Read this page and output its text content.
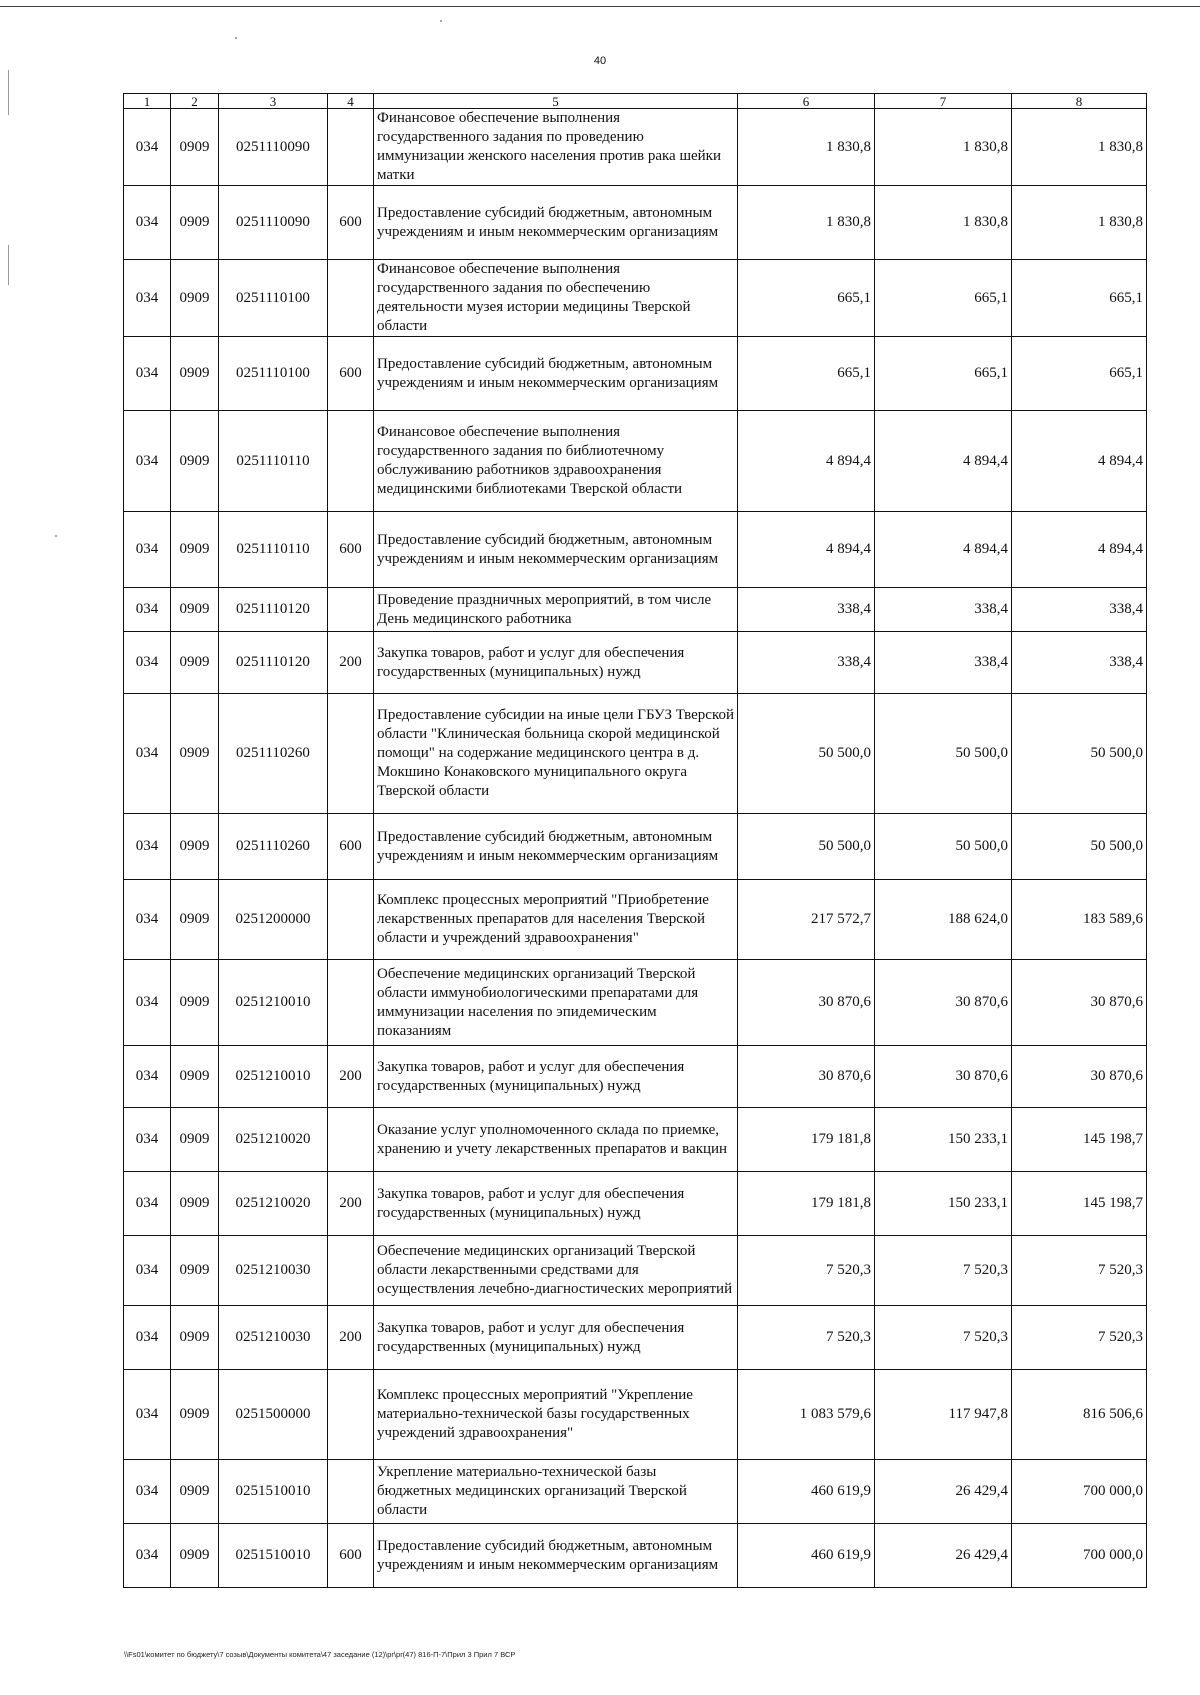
40
1	2	3	4	5	6	7	8
034	0909	0251110090		Финансовое обеспечение выполнения государственного задания по проведению иммунизации женского населения против рака шейки матки	1 830,8	1 830,8	1 830,8
034	0909	0251110090	600	Предоставление субсидий бюджетным, автономным учреждениям и иным некоммерческим организациям	1 830,8	1 830,8	1 830,8
034	0909	0251110100		Финансовое обеспечение выполнения государственного задания по обеспечению деятельности музея истории медицины Тверской области	665,1	665,1	665,1
034	0909	0251110100	600	Предоставление субсидий бюджетным, автономным учреждениям и иным некоммерческим организациям	665,1	665,1	665,1
034	0909	0251110110		Финансовое обеспечение выполнения государственного задания по библиотечному обслуживанию работников здравоохранения медицинскими библиотеками Тверской области	4 894,4	4 894,4	4 894,4
034	0909	0251110110	600	Предоставление субсидий бюджетным, автономным учреждениям и иным некоммерческим организациям	4 894,4	4 894,4	4 894,4
034	0909	0251110120		Проведение праздничных мероприятий, в том числе День медицинского работника	338,4	338,4	338,4
034	0909	0251110120	200	Закупка товаров, работ и услуг для обеспечения государственных (муниципальных) нужд	338,4	338,4	338,4
034	0909	0251110260		Предоставление субсидии на иные цели ГБУЗ Тверской области "Клиническая больница скорой медицинской помощи" на содержание медицинского центра в д. Мокшино Конаковского муниципального округа Тверской области	50 500,0	50 500,0	50 500,0
034	0909	0251110260	600	Предоставление субсидий бюджетным, автономным учреждениям и иным некоммерческим организациям	50 500,0	50 500,0	50 500,0
034	0909	0251200000		Комплекс процессных мероприятий "Приобретение лекарственных препаратов для населения Тверской области и учреждений здравоохранения"	217 572,7	188 624,0	183 589,6
034	0909	0251210010		Обеспечение медицинских организаций Тверской области иммунобиологическими препаратами для иммунизации населения по эпидемическим показаниям	30 870,6	30 870,6	30 870,6
034	0909	0251210010	200	Закупка товаров, работ и услуг для обеспечения государственных (муниципальных) нужд	30 870,6	30 870,6	30 870,6
034	0909	0251210020		Оказание услуг уполномоченного склада по приемке, хранению и учету лекарственных препаратов и вакцин	179 181,8	150 233,1	145 198,7
034	0909	0251210020	200	Закупка товаров, работ и услуг для обеспечения государственных (муниципальных) нужд	179 181,8	150 233,1	145 198,7
034	0909	0251210030		Обеспечение медицинских организаций Тверской области лекарственными средствами для осуществления лечебно-диагностических мероприятий	7 520,3	7 520,3	7 520,3
034	0909	0251210030	200	Закупка товаров, работ и услуг для обеспечения государственных (муниципальных) нужд	7 520,3	7 520,3	7 520,3
034	0909	0251500000		Комплекс процессных мероприятий "Укрепление материально-технической базы государственных учреждений здравоохранения"	1 083 579,6	117 947,8	816 506,6
034	0909	0251510010		Укрепление материально-технической базы бюджетных медицинских организаций Тверской области	460 619,9	26 429,4	700 000,0
034	0909	0251510010	600	Предоставление субсидий бюджетным, автономным учреждениям и иным некоммерческим организациям	460 619,9	26 429,4	700 000,0
\\Fs01\комитет по бюджету\7 созыв\Документы комитета\47 заседание (12)\pr\pr(47) 816-П-7\Прил 3 Прил 7 ВСР
